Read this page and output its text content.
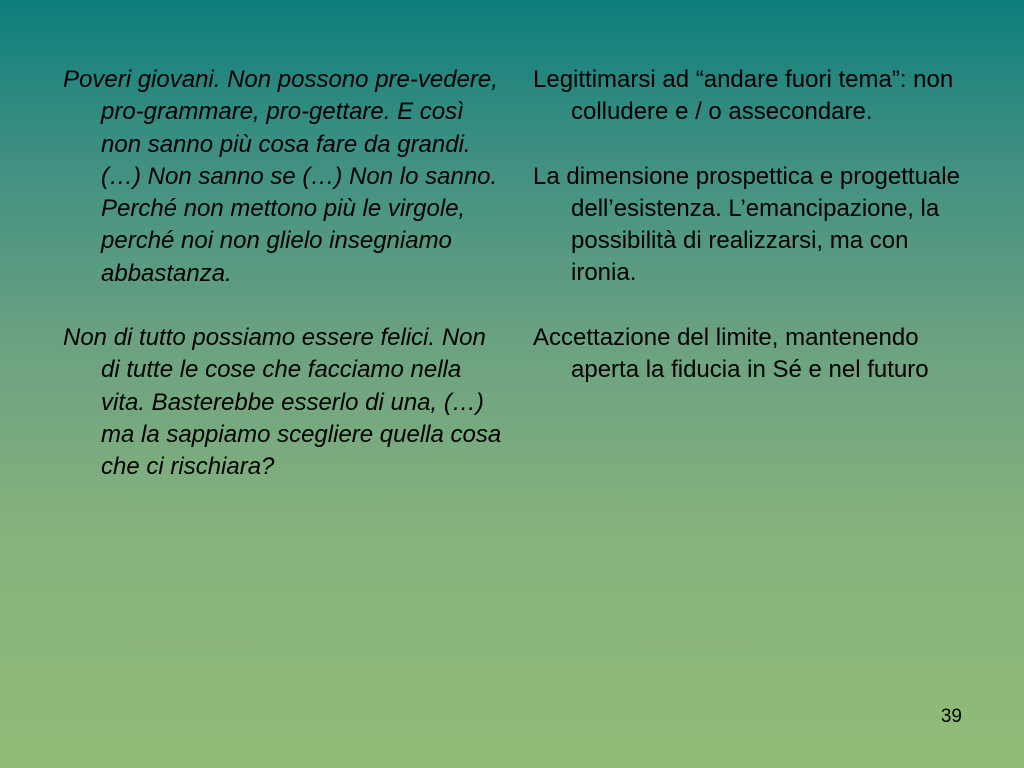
Poveri giovani. Non possono pre-vedere, pro-grammare, pro-gettare. E così non sanno più cosa fare da grandi. (…) Non sanno se (…) Non lo sanno. Perché non mettono più le virgole, perché noi non glielo insegniamo abbastanza.

Non di tutto possiamo essere felici. Non di tutte le cose che facciamo nella vita. Basterebbe esserlo di una, (…) ma la sappiamo scegliere quella cosa che ci rischiara?

Legittimarsi ad “andare fuori tema”: non colludere e / o assecondare.

La dimensione prospettica e progettuale dell’esistenza. L’emancipazione, la possibilità di realizzarsi, ma con ironia.

Accettazione del limite, mantenendo aperta la fiducia in Sé e nel futuro

39
